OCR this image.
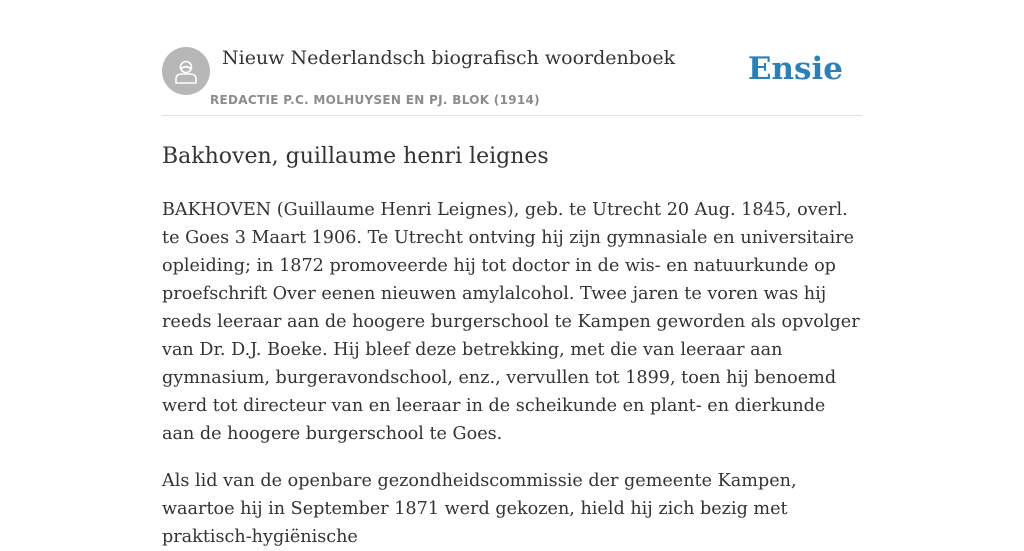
Nieuw Nederlandsch biografisch woordenboek
REDACTIE P.C. MOLHUYSEN EN PJ. BLOK (1914)
Ensie
Bakhoven, guillaume henri leignes

BAKHOVEN (Guillaume Henri Leignes), geb. te Utrecht 20 Aug. 1845, overl. te Goes 3 Maart 1906. Te Utrecht ontving hij zijn gymnasiale en universitaire opleiding; in 1872 promoveerde hij tot doctor in de wis- en natuurkunde op proefschrift Over eenen nieuwen amylalcohol. Twee jaren te voren was hij reeds leeraar aan de hoogere burgerschool te Kampen geworden als opvolger van Dr. D.J. Boeke. Hij bleef deze betrekking, met die van leeraar aan gymnasium, burgeravondschool, enz., vervullen tot 1899, toen hij benoemd werd tot directeur van en leeraar in de scheikunde en plant- en dierkunde aan de hoogere burgerschool te Goes.

Als lid van de openbare gezondheidscommissie der gemeente Kampen, waartoe hij in September 1871 werd gekozen, hield hij zich bezig met praktisch-hygiënische
